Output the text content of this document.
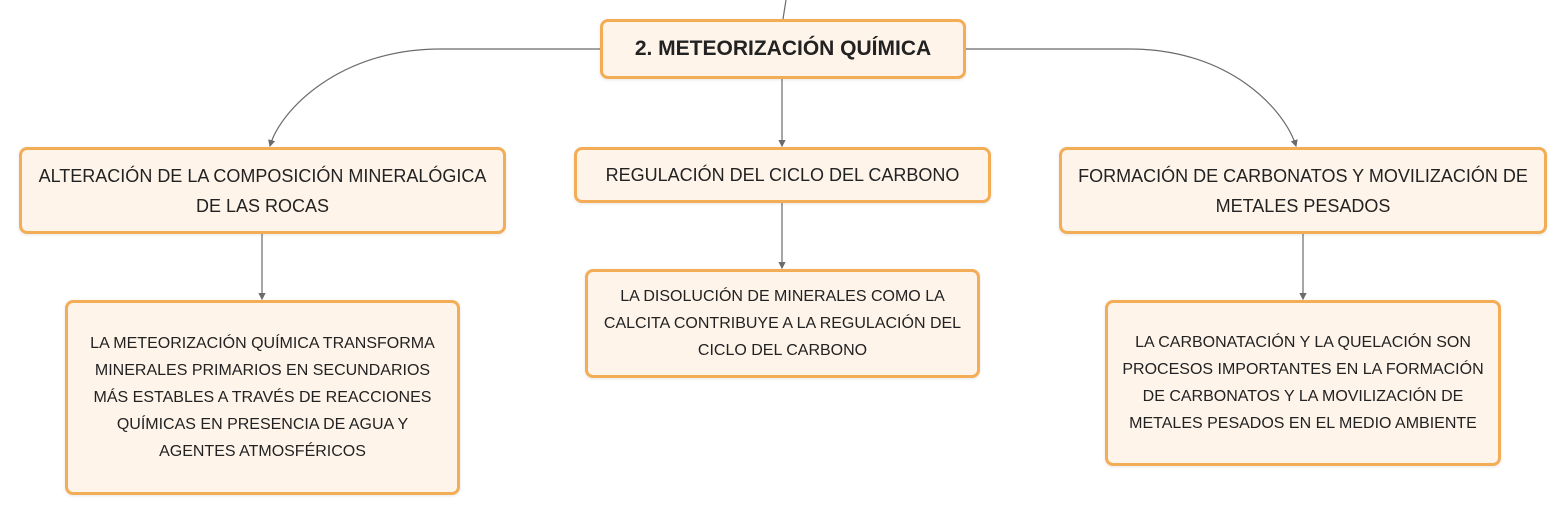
2. METEORIZACIÓN QUÍMICA
ALTERACIÓN DE LA COMPOSICIÓN MINERALÓGICA DE LAS ROCAS
REGULACIÓN DEL CICLO DEL CARBONO	FORMACIÓN DE CARBONATOS Y MOVILIZACIÓN DE METALES PESADOS
LA METEORIZACIÓN QUÍMICA TRANSFORMA MINERALES PRIMARIOS EN SECUNDARIOS MÁS ESTABLES A TRAVÉS DE REACCIONES QUÍMICAS EN PRESENCIA DE AGUA Y AGENTES ATMOSFÉRICOS
LA DISOLUCIÓN DE MINERALES COMO LA CALCITA CONTRIBUYE A LA REGULACIÓN DEL CICLO DEL CARBONO	LA CARBONATACIÓN Y LA QUELACIÓN SON PROCESOS IMPORTANTES EN LA FORMACIÓN DE CARBONATOS Y LA MOVILIZACIÓN DE METALES PESADOS EN EL MEDIO AMBIENTE
